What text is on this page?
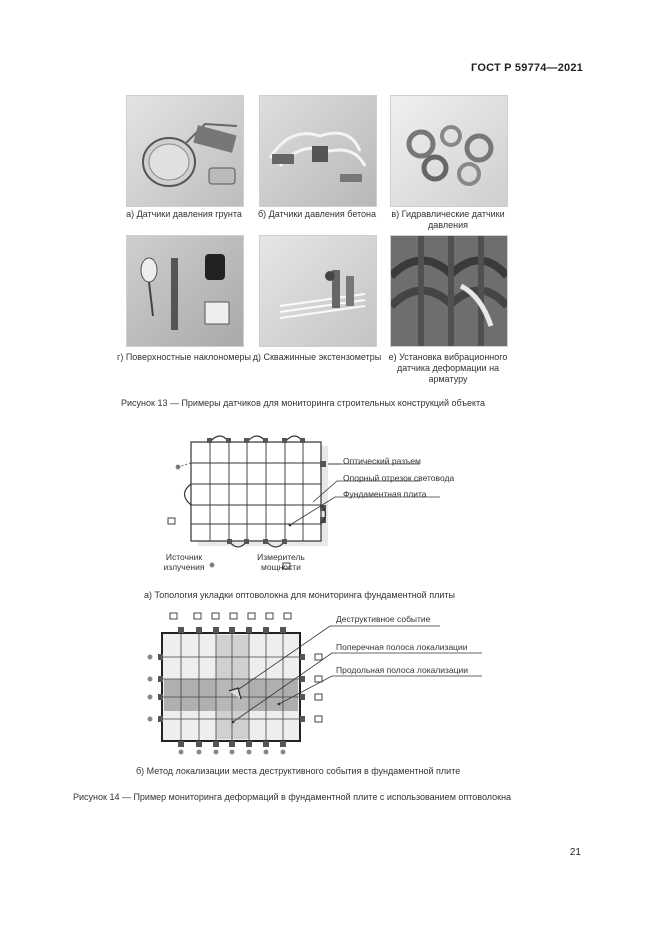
ГОСТ Р 59774—2021
а) Датчики давления грунта	б) Датчики давления бетона	в) Гидравлические датчики давления
г) Поверхностные наклономеры д) Скважинные экстензометры е) Установка вибрационного датчика деформации на арматуру
Рисунок 13 — Примеры датчиков для мониторинга строительных конструкций объекта
Оптический разъем
Опорный отрезок световода
Фундаментная плита
Источник
излучения
Измеритель
мощности
а) Топология укладки оптоволокна для мониторинга фундаментной плиты
Деструктивное событие
Поперечная полоса локализации
Продольная полоса локализации
б) Метод локализации места деструктивного события в фундаментной плите
Рисунок 14 — Пример мониторинга деформаций в фундаментной плите с использованием оптоволокна
21
